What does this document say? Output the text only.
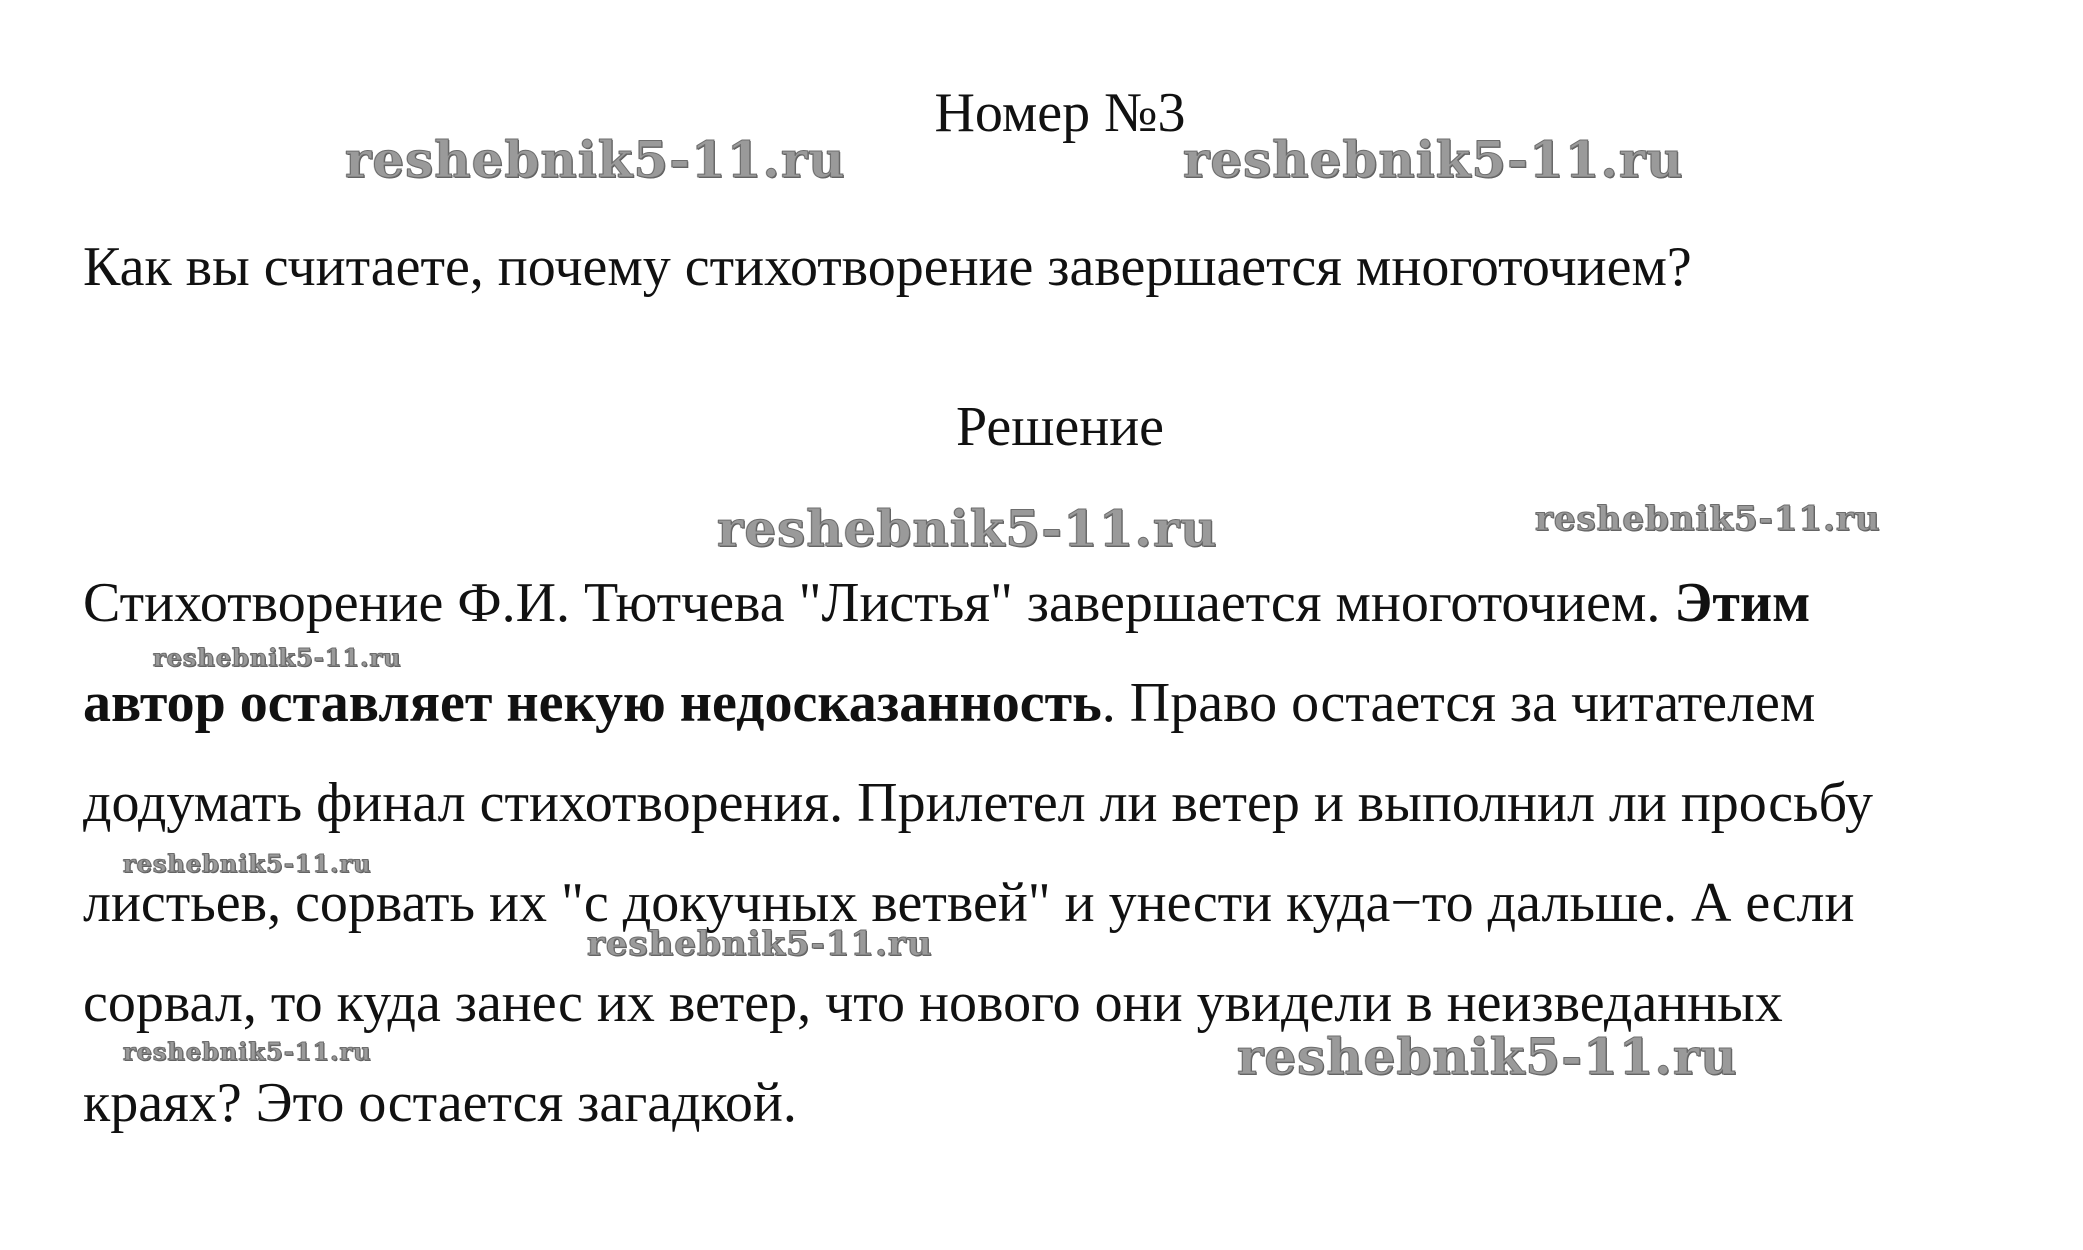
Номер №3
Как вы считаете, почему стихотворение завершается многоточием?
Решение
Стихотворение Ф.И. Тютчева "Листья" завершается многоточием. Этим
автор оставляет некую недосказанность. Право остается за читателем
додумать финал стихотворения. Прилетел ли ветер и выполнил ли просьбу
листьев, сорвать их "с докучных ветвей" и унести куда−то дальше. А если
сорвал, то куда занес их ветер, что нового они увидели в неизведанных
краях? Это остается загадкой.
reshebnik5-11.ru	reshebnik5-11.ru
reshebnik5-11.ru	reshebnik5-11.ru
reshebnik5-11.ru
reshebnik5-11.ru
reshebnik5-11.ru
reshebnik5-11.ru	reshebnik5-11.ru
